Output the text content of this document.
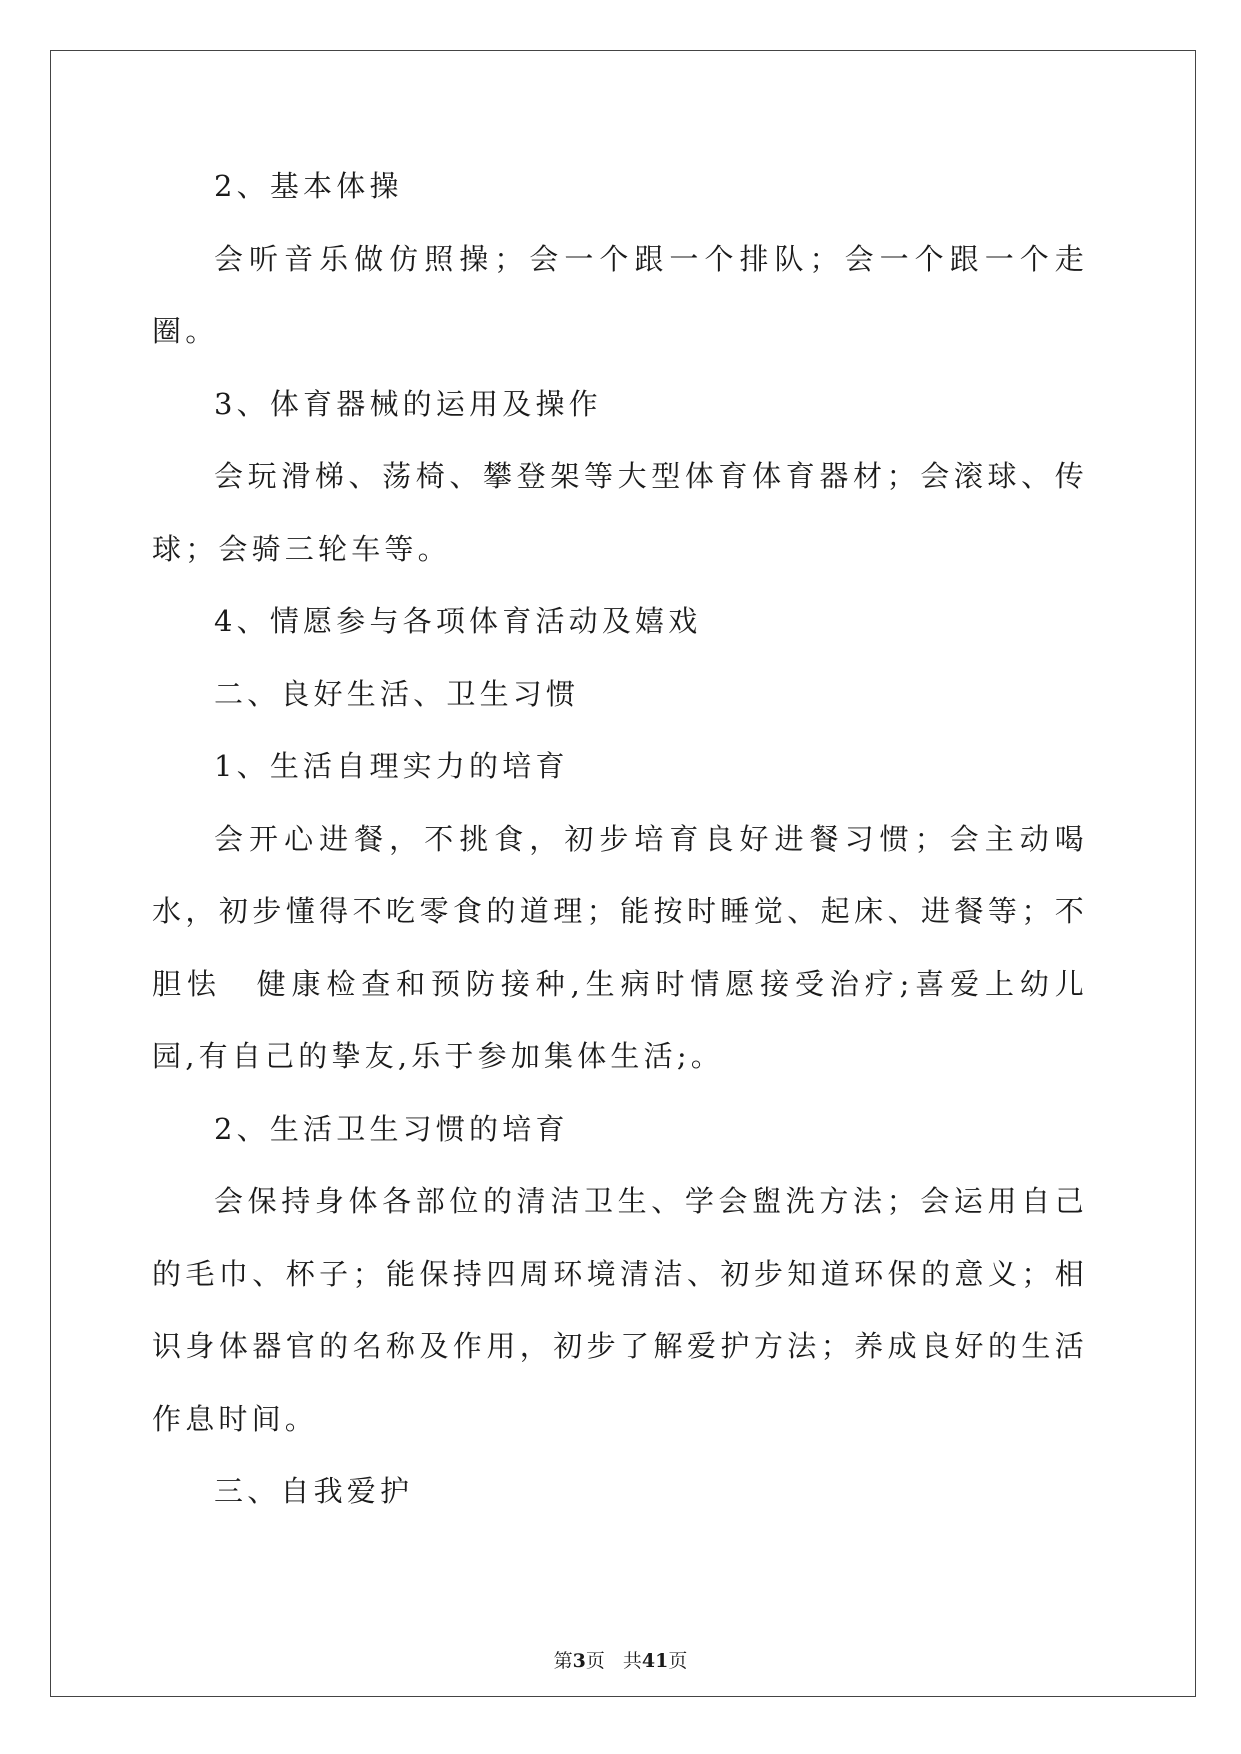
2、基本体操

会听音乐做仿照操；会一个跟一个排队；会一个跟一个走圈。

3、体育器械的运用及操作

会玩滑梯、荡椅、攀登架等大型体育体育器材；会滚球、传球；会骑三轮车等。

4、情愿参与各项体育活动及嬉戏

二、良好生活、卫生习惯

1、生活自理实力的培育

会开心进餐，不挑食，初步培育良好进餐习惯；会主动喝水，初步懂得不吃零食的道理；能按时睡觉、起床、进餐等；不胆怯　健康检查和预防接种,生病时情愿接受治疗;喜爱上幼儿园,有自己的挚友,乐于参加集体生活;。

2、生活卫生习惯的培育

会保持身体各部位的清洁卫生、学会盥洗方法；会运用自己的毛巾、杯子；能保持四周环境清洁、初步知道环保的意义；相识身体器官的名称及作用，初步了解爱护方法；养成良好的生活作息时间。

三、自我爱护

第3页 共41页
